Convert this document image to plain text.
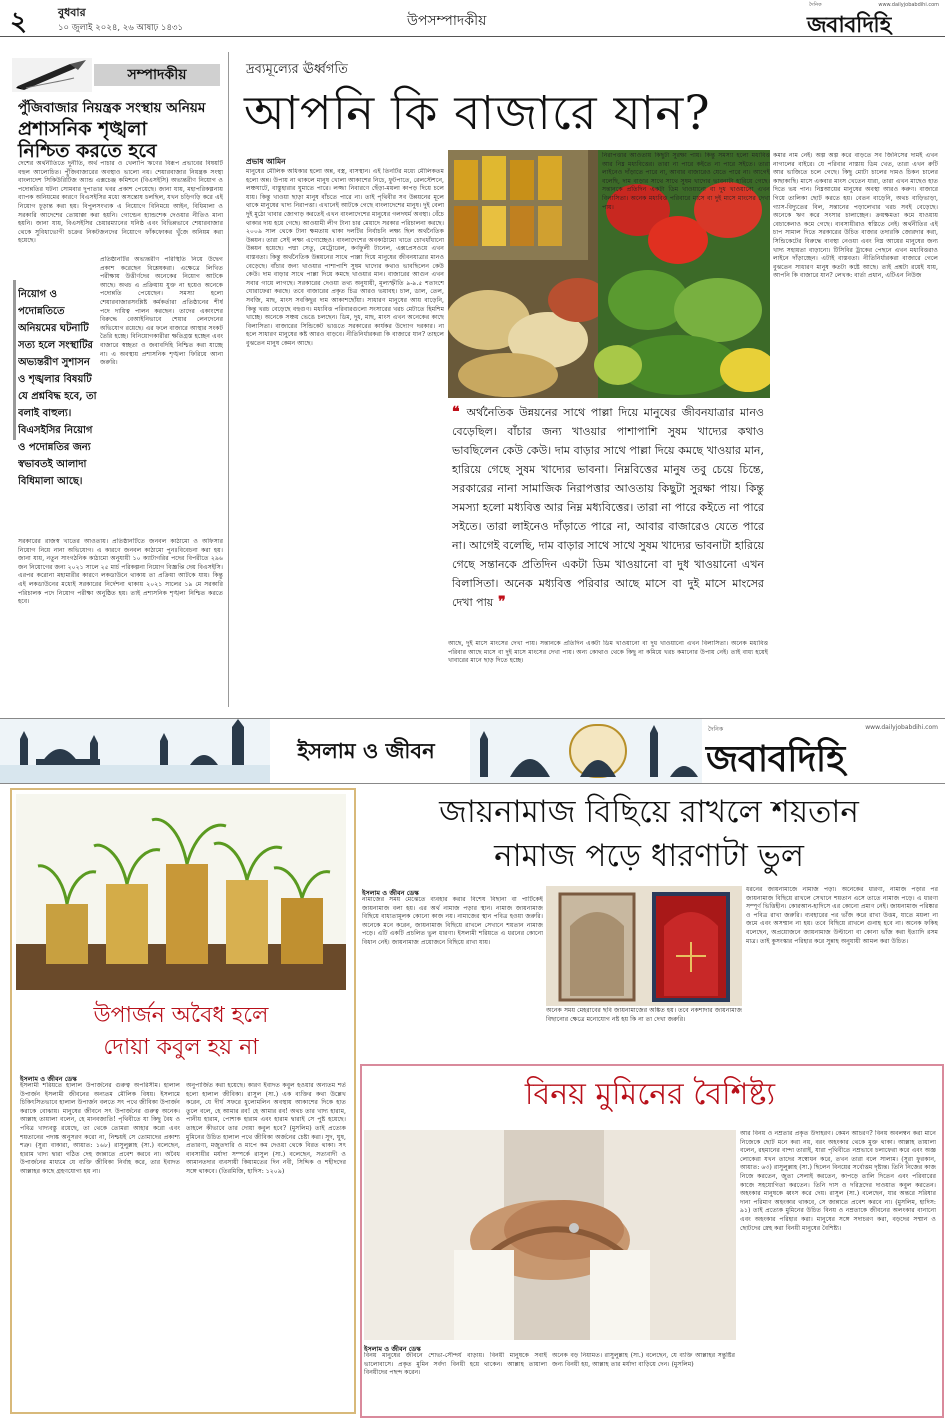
২	বুধবার
১০ জুলাই ২০২৪, ২৬ আষাঢ় ১৪৩১	উপসম্পাদকীয়
দৈনিক	www.dailyjobabdihi.com
জবাবদিহি
সম্পাদকীয়
পুঁজিবাজার নিয়ন্ত্রক সংস্থায় অনিয়ম
প্রশাসনিক শৃঙ্খলা
নিশ্চিত করতে হবে
দেশের অর্থনীতিতে দুর্নীতি, অর্থ পাচার ও খেলাপি ঋণের বিরূপ প্রভাবের বিষয়টি বহুল আলোচিত। পুঁজিবাজারের অবস্থাও ভালো নয়। শেয়ারবাজার নিয়ন্ত্রক সংস্থা বাংলাদেশ সিকিউরিটিজ অ্যান্ড এক্সচেঞ্জ কমিশনে (বিএসইসি) অভ্যন্তরীণ নিয়োগ ও পদোন্নতির ঘটনা সোমবার দুপাতার খবর প্রকাশ পেয়েছে। জানা যায়, মহাপরিকল্পনায় ব্যাপক অনিয়মের কারণে বিএসইসির মধ্যে অসন্তোষ চলছিল, যখন চড়িগড়ি করে এই নিয়োগ চূড়ান্ত করা হয়। বিপুলসংখ্যক এ নিয়োগে বিনিময়ে আইন, বিধিমালা ও সরকারি আদেশের তোয়াক্কা করা হয়নি। গোল্ডেন হ্যান্ডশেক দেওয়ার নীতিও মানা হয়নি। জানা যায়, বিএসইসির চেয়ারম্যানের ঘনিষ্ঠ এবং বিভিন্নভাবে শেয়ারবাজার থেকে সুবিধাভোগী চক্রের নিকটজনদের নিয়োগে ফাঁকফোকর খুঁজে অনিয়ম করা হয়েছে।
নিয়োগ ও পদোন্নতিতে অনিয়মের ঘটনাটি সত্য হলে সংস্থাটির অভ্যন্তরীণ সুশাসন ও শৃঙ্খলার বিষয়টি যে প্রশ্নবিদ্ধ হবে, তা বলাই বাহুল্য। বিএসইসির নিয়োগ ও পদোন্নতির জন্য স্বভাবতই আলাদা বিধিমালা আছে।
প্রতিষ্ঠানটির অভ্যন্তরীণ পরিস্থিতি নিয়ে উদ্বেগ প্রকাশ করেছেন বিশ্লেষকরা। এক্ষেত্রে লিখিত পরীক্ষায় উত্তীর্ণদের অনেকের নিয়োগ আটকে আছে। অথচ এ প্রক্রিয়ায় যুক্ত না হয়েও অনেকে পদোন্নতি পেয়েছেন। সমস্যা হলো শেয়ারবাজারসংশ্লিষ্ট কর্মকর্তারা প্রতিষ্ঠানের শীর্ষ পদে দায়িত্ব পালন করছেন। তাদের একাংশের বিরুদ্ধে বেআইনিভাবে শেয়ার লেনদেনের অভিযোগ রয়েছে। এর ফলে বাজারে আস্থার সংকট তৈরি হচ্ছে। বিনিয়োগকারীরা ক্ষতিগ্রস্ত হচ্ছেন এবং বাজারে স্বচ্ছতা ও জবাবদিহি নিশ্চিত করা যাচ্ছে না। এ অবস্থায় প্রশাসনিক শৃঙ্খলা ফিরিয়ে আনা জরুরি।
সরকারের রাজস্ব খাতের আওতায়। প্রতিষ্ঠানটিতে জনবল কাঠামো ও অফিসার নিয়োগ নিয়ে নানা অভিযোগ। এ কারণে জনবল কাঠামো পুনঃবিবেচনা করা হয়। জানা যায়, নতুন সাংগঠনিক কাঠামো অনুযায়ী ১০ ক্যাটাগরির পদের বিপরীতে ২৯৬ জন নিয়োগের জন্য ২০২১ সালে ২৫ মার্চ পরিকল্পনা নিয়োগ বিজ্ঞপ্তি দেয় বিএসইসি। এরপর করোনা মহামারীর কারণে লকডাউনে থাকায় তা প্রক্রিয়া আটকে যায়। কিন্তু এই লকডাউনের মধ্যেই সরকারের নির্দেশনা থাকায় ২০২১ সালের ১৯ মে সরকারি পরিচালক পদে নিয়োগ পরীক্ষা অনুষ্ঠিত হয়। তাই প্রশাসনিক শৃঙ্খলা নিশ্চিত করতে হবে।
দ্রব্যমূল্যের ঊর্ধ্বগতি
আপনি কি বাজারে যান?
প্রভাষ আমিন
মানুষের মৌলিক অধিকার হলো অন্ন, বস্ত্র, বাসস্থান। এই তিনটির মধ্যে মৌলিকতম হলো অন্ন। উপায় না থাকলে মানুষ খোলা আকাশের নিচে, ফুটপাতে, রেলস্টেশনে, লঞ্চঘাটে, বাস্তুহারার ঘুমাতে পারে। লজ্জা নিবারণে ছেঁড়া-ময়লা কাপড় দিয়ে চলে যায়। কিন্তু খাওয়া ছাড়া মানুষ বাঁচতে পারে না। তাই পৃথিবীর সব উন্নয়নের মূলে থাকে মানুষের খাদ্য নিরাপত্তা। এখানেই আটকে গেছে বাংলাদেশের মানুষ। দুই বেলা দুই মুঠো খাবার জোগাড় করতেই এখন বাংলাদেশের মানুষের গলদঘর্ম অবস্থা। বেঁচে থাকার দায় হয়ে গেছে। আওয়ামী লীগ টানা চার মেয়াদে সরকার পরিচালনা করছে। ২০০৯ সাল থেকে টানা ক্ষমতায় থাকা দলটির নির্বাচনি লক্ষ্য ছিল অর্থনৈতিক উন্নয়ন। তারা সেই লক্ষ্য এগোচ্ছেও। বাংলাদেশের অবকাঠামো খাতে চোখধাঁধানো উন্নয়ন হয়েছে। পদ্মা সেতু, মেট্রোরেল, কর্ণফুলী টানেল, এক্সপ্রেসওয়ে এখন বাস্তবতা। কিন্তু অর্থনৈতিক উন্নয়নের সাথে পাল্লা দিয়ে মানুষের জীবনযাত্রার মানও বেড়েছে। বাঁচার জন্য খাওয়ার পাশাপাশি সুষম খাদ্যের কথাও ভাবছিলেন কেউ কেউ। দাম বাড়ার সাথে পাল্লা দিয়ে কমছে খাওয়ার মান। বাজারের আগুন এখন সবার গায়ে লাগছে। সরকারের দেওয়া তথ্য অনুযায়ী, মূল্যস্ফীতি ৯-৯.৫ শতাংশে ঘোরাফেরা করছে। তবে বাজারের প্রকৃত চিত্র আরও ভয়াবহ। চাল, ডাল, তেল, সবজি, মাছ, মাংস সবকিছুর দাম আকাশছোঁয়া। সাধারণ মানুষের আয় বাড়েনি, কিন্তু খরচ বেড়েছে বহুগুণ। মধ্যবিত্ত পরিবারগুলো সংসারের খরচ মেটাতে হিমশিম খাচ্ছে। অনেকে সঞ্চয় ভেঙে চলছেন। ডিম, দুধ, মাছ, মাংস এখন অনেকের কাছে বিলাসিতা। বাজারের সিন্ডিকেট ভাঙতে সরকারের কার্যকর উদ্যোগ দরকার। না হলে সাধারণ মানুষের কষ্ট আরও বাড়বে। নীতিনির্ধারকরা কি বাজারে যান? তাহলে বুঝতেন মানুষ কেমন আছে।
নিরাপত্তার আওতায় কিছুটা সুরক্ষা পায়। কিন্তু সমস্যা হলো মধ্যবিত্ত আর নিম্ন মধ্যবিত্তের। তারা না পারে কইতে না পারে সইতে। তারা লাইনেও দাঁড়াতে পারে না, আবার বাজারেও যেতে পারে না। আগেই বলেছি, দাম বাড়ার সাথে সাথে সুষম খাদ্যের ভাবনাটা হারিয়ে গেছে। সন্তানকে প্রতিদিন একটা ডিম খাওয়ানো বা দুধ খাওয়ানো এখন বিলাসিতা। অনেক মধ্যবিত্ত পরিবারে মাসে বা দুই মাসে মাংসের দেখা পায়।
কমার নাম নেই। অল্প অল্প করে বাড়তে সব জিনিসের দামই এখন নাগালের বাইরে। যে পরিবার নাস্তায় ডিম খেত, তারা এখন রুটি আর ভাজিতে চলে গেছে। কিছু মোটা চালের দামও চিকন চালের কাছাকাছি। মাসে একবার মাংস খেতেন যারা, তারা এখন মাছেও হাত দিতে ভয় পান। নিম্নআয়ের মানুষের অবস্থা আরও করুণ। বাজারে গিয়ে তালিকা ছোট করতে হয়। বেতন বাড়েনি, অথচ বাড়িভাড়া, গ্যাস-বিদ্যুতের বিল, সন্তানের পড়ালেখার খরচ সবই বেড়েছে। অনেকে ঋণ করে সংসার চালাচ্ছেন। ক্রয়ক্ষমতা কমে যাওয়ায় বেচাকেনাও কমে গেছে। ব্যবসায়ীরাও স্বস্তিতে নেই। অর্থনীতির এই চাপ সামাল দিতে সরকারের উচিত বাজার তদারকি জোরদার করা, সিন্ডিকেটের বিরুদ্ধে ব্যবস্থা নেওয়া এবং নিম্ন আয়ের মানুষের জন্য খাদ্য সহায়তা বাড়ানো। টিসিবির ট্রাকের পেছনে এখন মধ্যবিত্তরাও লাইনে দাঁড়াচ্ছেন। এটাই বাস্তবতা। নীতিনির্ধারকরা বাজারে গেলে বুঝতেন সাধারণ মানুষ কতটা কষ্টে আছে। তাই প্রশ্নটা রয়েই যায়, আপনি কি বাজারে যান? লেখক: বার্তা প্রধান, এটিএন নিউজ
❝ অর্থনৈতিক উন্নয়নের সাথে পাল্লা দিয়ে মানুষের জীবনযাত্রার মানও বেড়েছিল। বাঁচার জন্য খাওয়ার পাশাপাশি সুষম খাদ্যের কথাও ভাবছিলেন কেউ কেউ। দাম বাড়ার সাথে পাল্লা দিয়ে কমছে খাওয়ার মান, হারিয়ে গেছে সুষম খাদ্যের ভাবনা। নিম্নবিত্তের মানুষ তবু চেয়ে চিন্তে, সরকারের নানা সামাজিক নিরাপত্তার আওতায় কিছুটা সুরক্ষা পায়। কিন্তু সমস্যা হলো মধ্যবিত্ত আর নিম্ন মধ্যবিত্তের। তারা না পারে কইতে না পারে সইতে। তারা লাইনেও দাঁড়াতে পারে না, আবার বাজারেও যেতে পারে না। আগেই বলেছি, দাম বাড়ার সাথে সাথে সুষম খাদ্যের ভাবনাটা হারিয়ে গেছে সন্তানকে প্রতিদিন একটা ডিম খাওয়ানো বা দুধ খাওয়ানো এখন বিলাসিতা। অনেক মধ্যবিত্ত পরিবার আছে মাসে বা দুই মাসে মাংসের দেখা পায় ❞
আছে, দুই মাসে মাংসের দেখা পায়। সন্তানকে প্রতিদিন একটা ডিম খাওয়ানো বা দুধ খাওয়ানো এখন বিলাসিতা। অনেক মধ্যবিত্ত পরিবার আছে মাসে বা দুই মাসে মাংসের দেখা পায়। অন্য কোথাও থেকে কিছু না কমিয়ে খরচ কমানোর উপায় নেই। তাই বাধ্য হয়েই খাবারের মানে ছাড় দিতে হচ্ছে।
ইসলাম ও জীবন
দৈনিক	www.dailyjobabdihi.com
জবাবদিহি
উপার্জন অবৈধ হলে
দোয়া কবুল হয় না
ইসলাম ও জীবন ডেস্ক
ইসলামী শরিয়তে হালাল উপার্জনের গুরুত্ব অপরিসীম। হালাল উপার্জন ইসলামী জীবনের অন্যতম মৌলিক বিষয়। ইসলামে চিকিৎসিতভাবে হালাল উপার্জন বলতে সৎ পথে জীবিকা উপার্জন করাকে বোঝায়। মানুষের জীবনে সৎ উপার্জনের গুরুত্ব অনেক। আল্লাহ তায়ালা বলেন, হে মানবজাতি! পৃথিবীতে যা কিছু বৈধ ও পবিত্র খাদ্যবস্তু রয়েছে, তা থেকে তোমরা আহার করো এবং শয়তানের পদাঙ্ক অনুসরণ করো না, নিশ্চয়ই সে তোমাদের প্রকাশ্য শত্রু। (সুরা বাকারা, আয়াত: ১৬৮) রাসুলুল্লাহ (সা.) বলেছেন, হারাম খাদ্য দ্বারা গঠিত দেহ জান্নাতে প্রবেশ করবে না। অবৈধ উপার্জনের মাধ্যমে যে ব্যক্তি জীবিকা নির্বাহ করে, তার ইবাদত আল্লাহর কাছে গ্রহণযোগ্য হয় না।
অনুপার্জিত করা হয়েছে। কারণ ইবাদত কবুল হওয়ার অন্যতম শর্ত হলো হালাল জীবিকা। রাসুল (সা.) এক ব্যক্তির কথা উল্লেখ করেন, যে দীর্ঘ সফরে ধুলোমলিন অবস্থায় আকাশের দিকে হাত তুলে বলে, হে আমার রব! হে আমার রব! অথচ তার খাদ্য হারাম, পানীয় হারাম, পোশাক হারাম এবং হারাম দ্বারাই সে পুষ্ট হয়েছে। তাহলে কীভাবে তার দোয়া কবুল হবে? (মুসলিম) তাই প্রত্যেক মুমিনের উচিত হালাল পথে জীবিকা অর্জনের চেষ্টা করা। সুদ, ঘুষ, প্রতারণা, মজুতদারি ও মাপে কম দেওয়া থেকে বিরত থাকা। সৎ ব্যবসায়ীর মর্যাদা সম্পর্কে রাসুল (সা.) বলেছেন, সত্যবাদী ও আমানতদার ব্যবসায়ী কিয়ামতের দিন নবী, সিদ্দিক ও শহীদদের সঙ্গে থাকবে। (তিরমিজি, হাদিস: ১২০৯)
জায়নামাজ বিছিয়ে রাখলে শয়তান
নামাজ পড়ে ধারণাটা ভুল
ইসলাম ও জীবন ডেস্ক
নামাজের সময় মেঝেতে ব্যবহার করার বিশেষ বিছানা বা পাটিকেই জায়নামাজ বলা হয়। এর অর্থ নামাজ পড়ার স্থান। নামাজ জায়নামাজ বিছিয়ে বাধ্যতামূলক কোনো কাজ নয়। নামাজের স্থান পবিত্র হওয়া জরুরি। অনেকে মনে করেন, জায়নামাজ বিছিয়ে রাখলে সেখানে শয়তান নামাজ পড়ে। এটি একটি প্রচলিত ভুল ধারণা। ইসলামী শরিয়তে এ ধরনের কোনো বিধান নেই। জায়নামাজ প্রয়োজনে বিছিয়ে রাখা যায়।
অনেক সময় মেহরাবের ছবি জায়নামাজের অঙ্কিত হয়। তবে নকশাদার জায়নামাজ বিছানোর ক্ষেত্রে মনোযোগ নষ্ট হয় কি না তা দেখা জরুরি।
ধরনের জায়নামাজে নামাজ পড়া। অনেকের ধারণা, নামাজ পড়ার পর জায়নামাজ বিছিয়ে রাখলে সেখানে শয়তান এসে তাতে নামাজ পড়ে। এ ধারণা সম্পূর্ণ ভিত্তিহীন। কোরআন-হাদিসে এর কোনো প্রমাণ নেই। জায়নামাজ পরিষ্কার ও পবিত্র রাখা জরুরি। ব্যবহারের পর ভাঁজ করে রাখা উত্তম, যাতে ময়লা না জমে এবং অসম্মান না হয়। তবে বিছিয়ে রাখলে গুনাহ হবে না। অনেক ফকিহ বলেছেন, অপ্রয়োজনে জায়নামাজ উল্টানো বা কোনা ভাঁজ করা ইত্যাদি রসম মাত্র। তাই কুসংস্কার পরিহার করে সুন্নাহ অনুযায়ী আমল করা উচিত।
বিনয় মুমিনের বৈশিষ্ট্য
ইসলাম ও জীবন ডেস্ক
বিনয় মানুষের জীবনে শোভা-সৌন্দর্য বাড়ায়। বিনয়ী মানুষকে সবাই ভালোবাসে। প্রকৃত মুমিন সর্বদা বিনয়ী হয়ে থাকেন। আল্লাহ তায়ালা বিনয়ীদের পছন্দ করেন।
অনেক বড় নিয়ামত। রাসুলুল্লাহ (সা.) বলেছেন, যে ব্যক্তি আল্লাহর সন্তুষ্টির জন্য বিনয়ী হয়, আল্লাহ তার মর্যাদা বাড়িয়ে দেন। (মুসলিম)
আর বিনয় ও নম্রতার প্রকৃত উদাহরণ। কেমন আচরণ? বিনয় অবলম্বন করা মানে নিজেকে ছোট মনে করা নয়, বরং অহংকার থেকে মুক্ত থাকা। আল্লাহ তায়ালা বলেন, রহমানের বান্দা তারাই, যারা পৃথিবীতে নম্রভাবে চলাফেরা করে এবং অজ্ঞ লোকেরা যখন তাদের সম্বোধন করে, তখন তারা বলে সালাম। (সুরা ফুরকান, আয়াত: ৬৩) রাসুলুল্লাহ (সা.) ছিলেন বিনয়ের সর্বোত্তম দৃষ্টান্ত। তিনি নিজের কাজ নিজে করতেন, জুতা সেলাই করতেন, কাপড়ে তালি দিতেন এবং পরিবারের কাজে সহযোগিতা করতেন। তিনি দাস ও দরিদ্রদের দাওয়াত কবুল করতেন। অহংকার মানুষকে ধ্বংস করে দেয়। রাসুল (সা.) বলেছেন, যার অন্তরে সরিষার দানা পরিমাণ অহংকার থাকবে, সে জান্নাতে প্রবেশ করবে না। (মুসলিম, হাদিস: ৯১) তাই প্রত্যেক মুমিনের উচিত বিনয় ও নম্রতাকে জীবনের অলংকার বানানো এবং অহংকার পরিহার করা। মানুষের সঙ্গে সদাচরণ করা, বড়দের সম্মান ও ছোটদের স্নেহ করা বিনয়ী মানুষের বৈশিষ্ট্য।
